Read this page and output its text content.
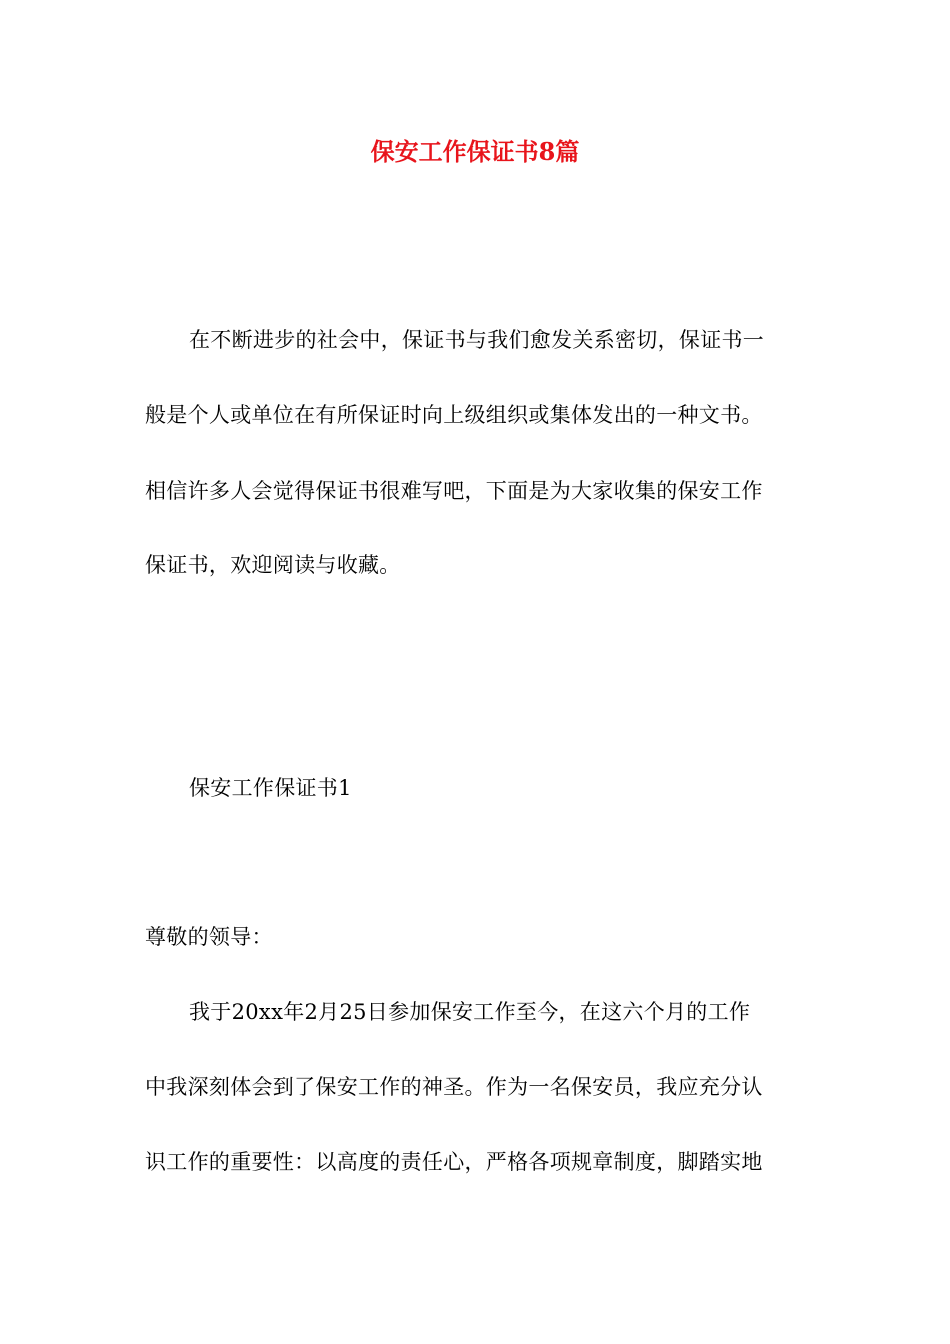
保安工作保证书8篇
在不断进步的社会中，保证书与我们愈发关系密切，保证书一
般是个人或单位在有所保证时向上级组织或集体发出的一种文书。
相信许多人会觉得保证书很难写吧，下面是为大家收集的保安工作
保证书，欢迎阅读与收藏。
保安工作保证书1
尊敬的领导：
我于20xx年2月25日参加保安工作至今，在这六个月的工作
中我深刻体会到了保安工作的神圣。作为一名保安员，我应充分认
识工作的重要性：以高度的责任心，严格各项规章制度，脚踏实地
